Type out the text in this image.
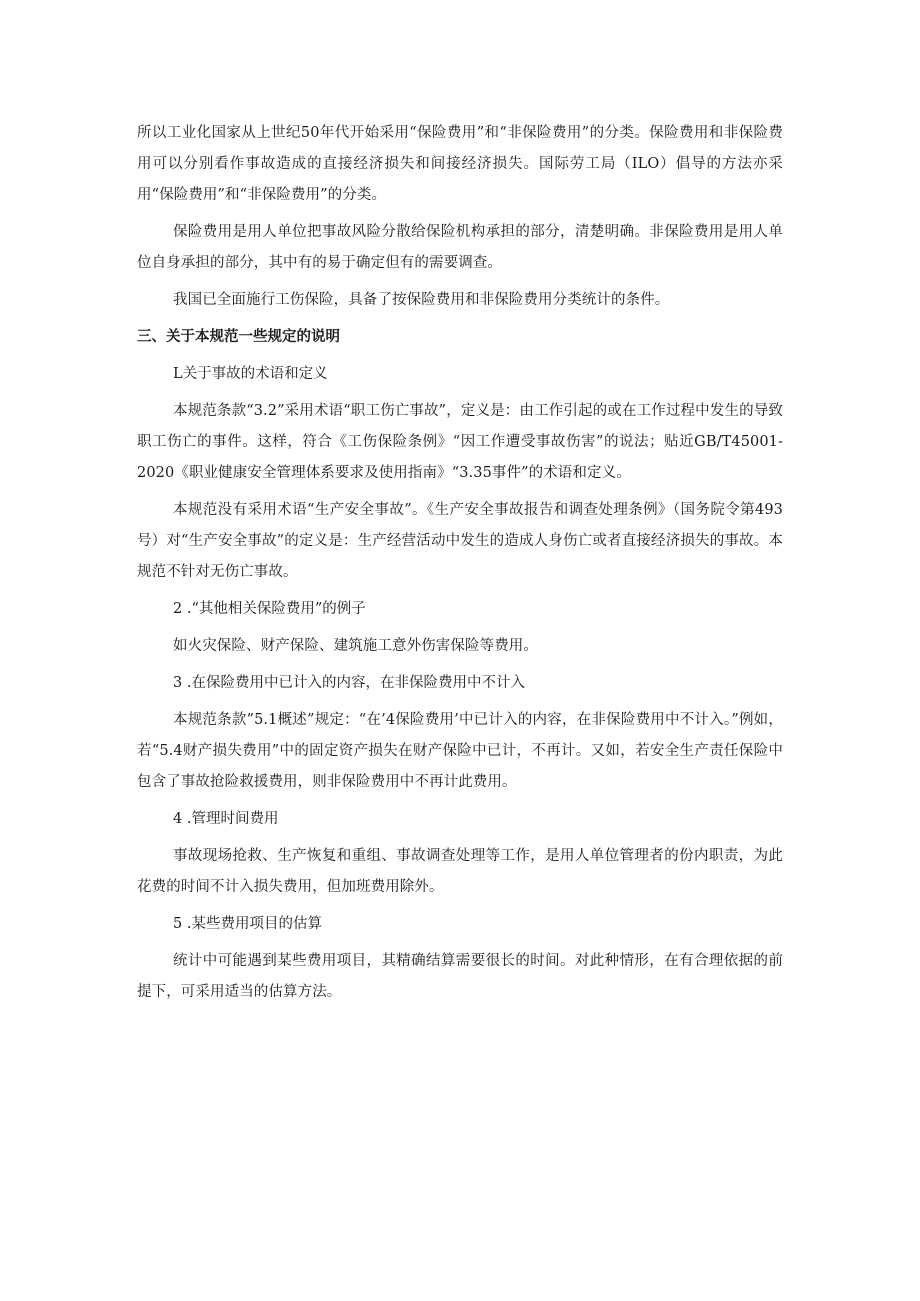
所以工业化国家从上世纪50年代开始采用“保险费用”和“非保险费用”的分类。保险费用和非保险费用可以分别看作事故造成的直接经济损失和间接经济损失。国际劳工局（ILO）倡导的方法亦采用“保险费用”和“非保险费用”的分类。

保险费用是用人单位把事故风险分散给保险机构承担的部分，清楚明确。非保险费用是用人单位自身承担的部分，其中有的易于确定但有的需要调查。

我国已全面施行工伤保险，具备了按保险费用和非保险费用分类统计的条件。

三、关于本规范一些规定的说明

L关于事故的术语和定义

本规范条款“3.2”采用术语“职工伤亡事故”，定义是：由工作引起的或在工作过程中发生的导致职工伤亡的事件。这样，符合《工伤保险条例》“因工作遭受事故伤害”的说法；贴近GB/T45001-2020《职业健康安全管理体系要求及使用指南》“3.35事件”的术语和定义。

本规范没有采用术语“生产安全事故”。《生产安全事故报告和调查处理条例》（国务院令第493号）对“生产安全事故”的定义是：生产经营活动中发生的造成人身伤亡或者直接经济损失的事故。本规范不针对无伤亡事故。

2 .“其他相关保险费用”的例子

如火灾保险、财产保险、建筑施工意外伤害保险等费用。

3 .在保险费用中已计入的内容，在非保险费用中不计入

本规范条款”5.1概述”规定：“在’4保险费用’中已计入的内容，在非保险费用中不计入。”例如，若“5.4财产损失费用”中的固定资产损失在财产保险中已计，不再计。又如，若安全生产责任保险中包含了事故抢险救援费用，则非保险费用中不再计此费用。

4 .管理时间费用

事故现场抢救、生产恢复和重组、事故调查处理等工作，是用人单位管理者的份内职责，为此花费的时间不计入损失费用，但加班费用除外。

5 .某些费用项目的估算

统计中可能遇到某些费用项目，其精确结算需要很长的时间。对此种情形，在有合理依据的前提下，可采用适当的估算方法。
